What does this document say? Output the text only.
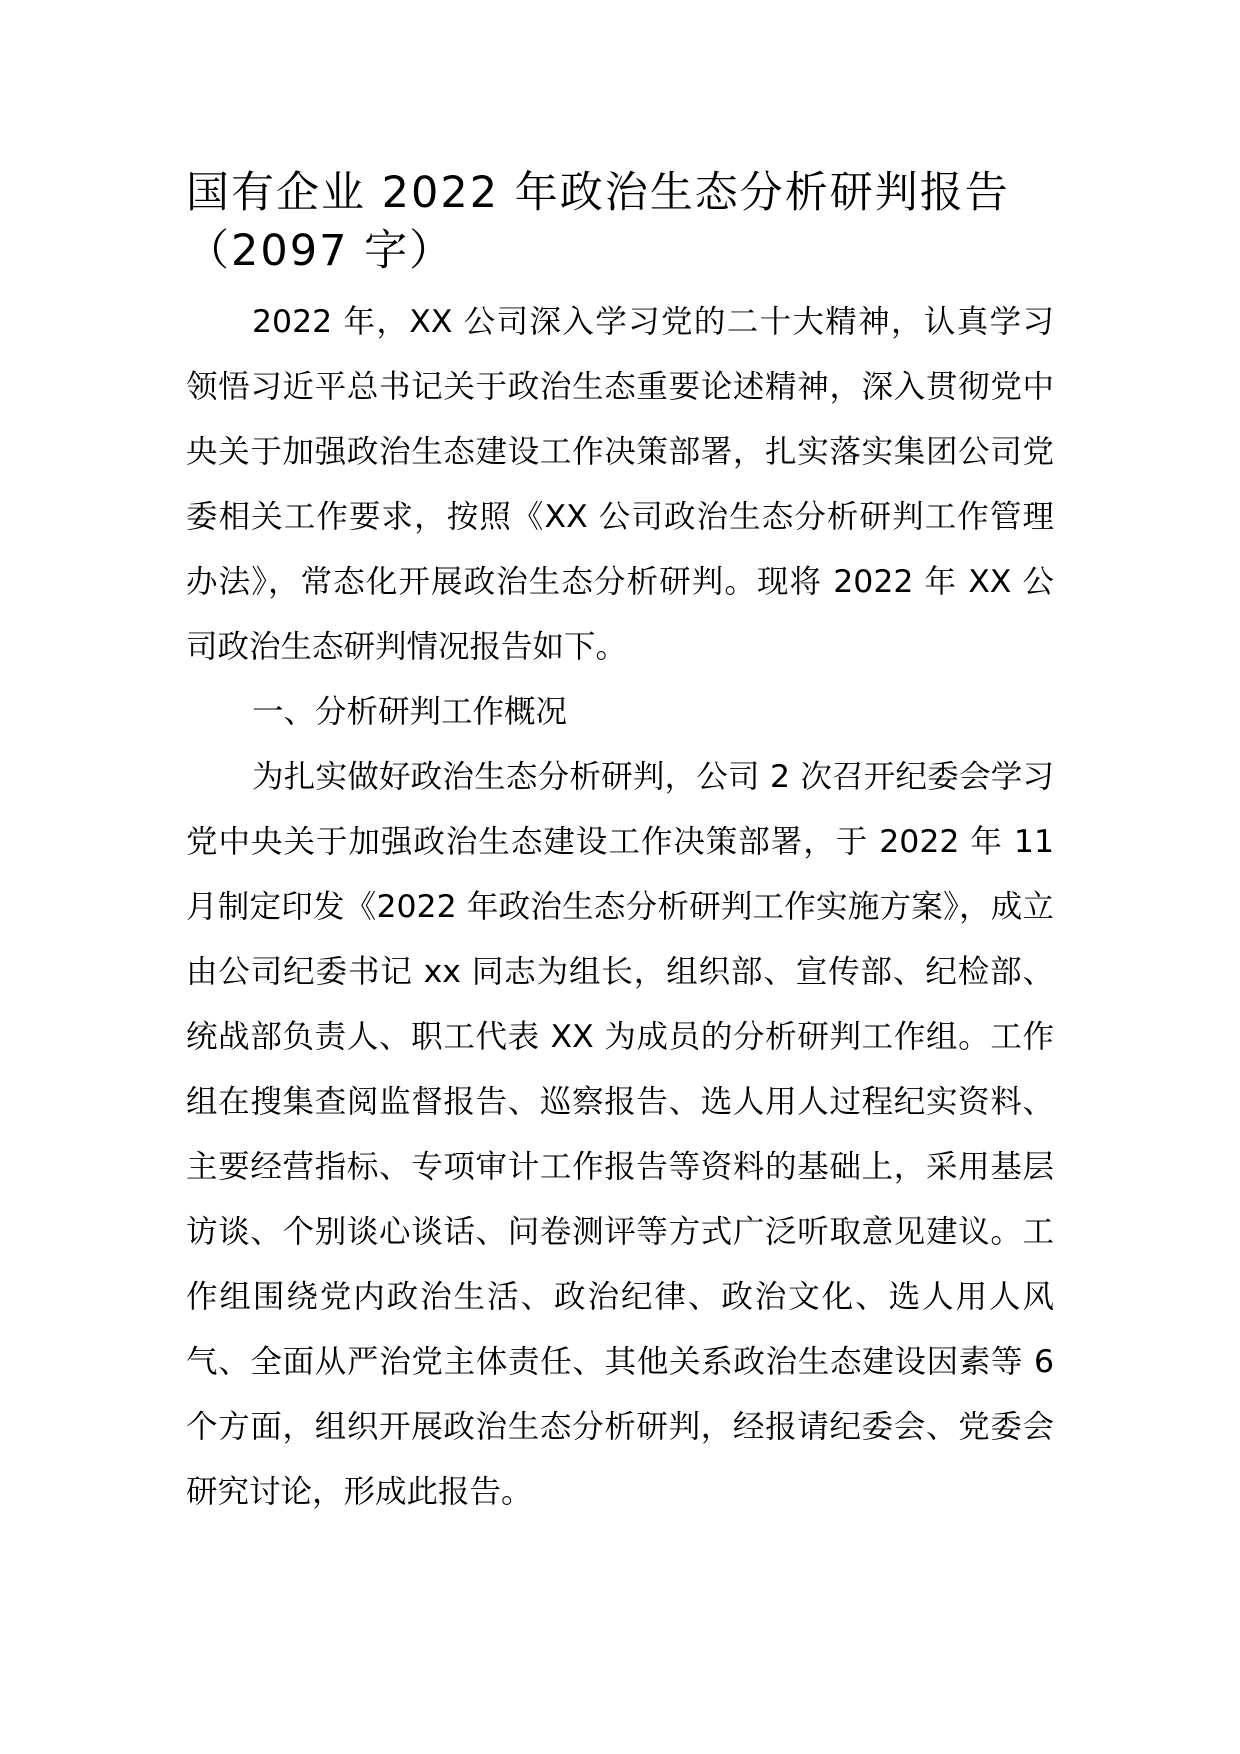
国有企业 2022 年政治生态分析研判报告
（2097 字）

2022 年，XX 公司深入学习党的二十大精神，认真学习领悟习近平总书记关于政治生态重要论述精神，深入贯彻党中央关于加强政治生态建设工作决策部署，扎实落实集团公司党委相关工作要求，按照《XX 公司政治生态分析研判工作管理办法》，常态化开展政治生态分析研判。现将 2022 年 XX 公司政治生态研判情况报告如下。

一、分析研判工作概况

为扎实做好政治生态分析研判，公司 2 次召开纪委会学习党中央关于加强政治生态建设工作决策部署，于 2022 年 11 月制定印发《2022 年政治生态分析研判工作实施方案》，成立由公司纪委书记 xx 同志为组长，组织部、宣传部、纪检部、统战部负责人、职工代表 XX 为成员的分析研判工作组。工作组在搜集查阅监督报告、巡察报告、选人用人过程纪实资料、主要经营指标、专项审计工作报告等资料的基础上，采用基层访谈、个别谈心谈话、问卷测评等方式广泛听取意见建议。工作组围绕党内政治生活、政治纪律、政治文化、选人用人风气、全面从严治党主体责任、其他关系政治生态建设因素等 6 个方面，组织开展政治生态分析研判，经报请纪委会、党委会研究讨论，形成此报告。
